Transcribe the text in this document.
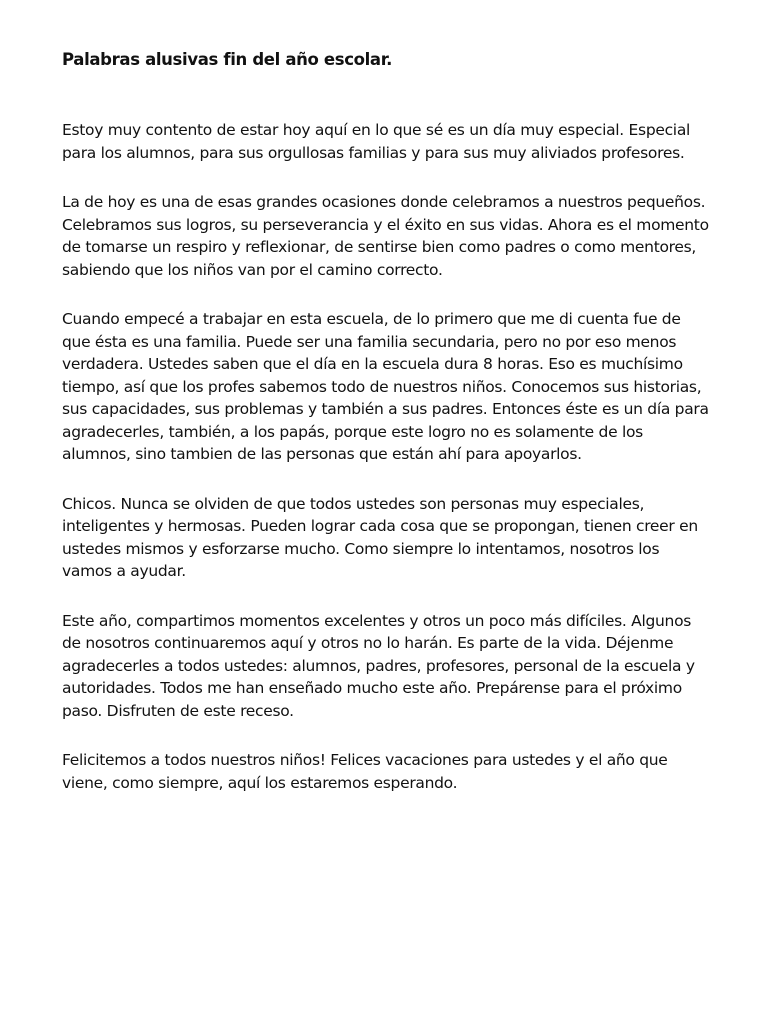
Palabras alusivas fin del año escolar.

Estoy muy contento de estar hoy aquí en lo que sé es un día muy especial. Especial para los alumnos, para sus orgullosas familias y para sus muy aliviados profesores.

La de hoy es una de esas grandes ocasiones donde celebramos a nuestros pequeños. Celebramos sus logros, su perseverancia y el éxito en sus vidas. Ahora es el momento de tomarse un respiro y reflexionar, de sentirse bien como padres o como mentores, sabiendo que los niños van por el camino correcto.

Cuando empecé a trabajar en esta escuela, de lo primero que me di cuenta fue de que ésta es una familia. Puede ser una familia secundaria, pero no por eso menos verdadera. Ustedes saben que el día en la escuela dura 8 horas. Eso es muchísimo tiempo, así que los profes sabemos todo de nuestros niños. Conocemos sus historias, sus capacidades, sus problemas y también a sus padres. Entonces éste es un día para agradecerles, también, a los papás, porque este logro no es solamente de los alumnos, sino tambien de las personas que están ahí para apoyarlos.

Chicos. Nunca se olviden de que todos ustedes son personas muy especiales, inteligentes y hermosas. Pueden lograr cada cosa que se propongan, tienen creer en ustedes mismos y esforzarse mucho. Como siempre lo intentamos, nosotros los vamos a ayudar.

Este año, compartimos momentos excelentes y otros un poco más difíciles. Algunos de nosotros continuaremos aquí y otros no lo harán. Es parte de la vida. Déjenme agradecerles a todos ustedes: alumnos, padres, profesores, personal de la escuela y autoridades. Todos me han enseñado mucho este año. Prepárense para el próximo paso. Disfruten de este receso.

Felicitemos a todos nuestros niños! Felices vacaciones para ustedes y el año que viene, como siempre, aquí los estaremos esperando.
